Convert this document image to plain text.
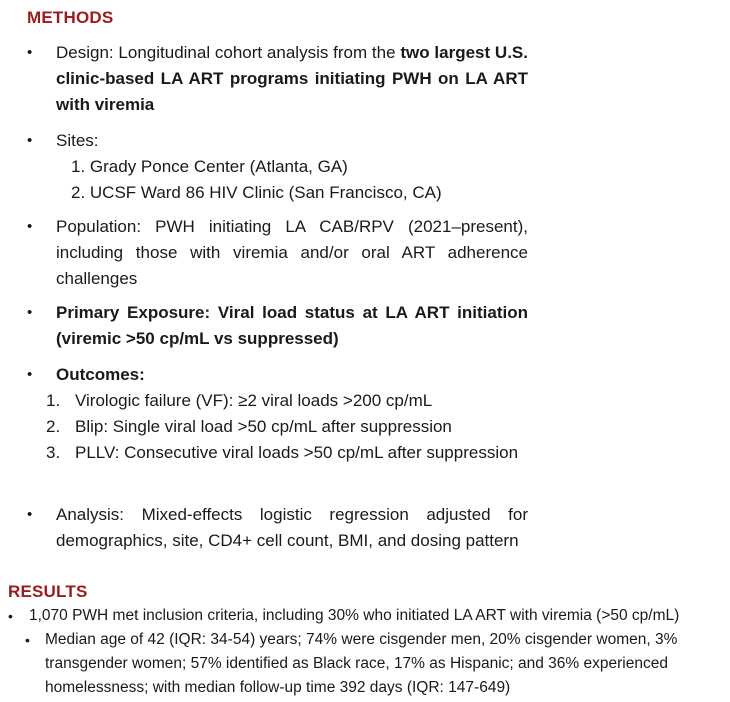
METHODS
• Design: Longitudinal cohort analysis from the two largest U.S. clinic-based LA ART programs initiating PWH on LA ART with viremia
• Sites:
1. Grady Ponce Center (Atlanta, GA)
2. UCSF Ward 86 HIV Clinic (San Francisco, CA)
• Population: PWH initiating LA CAB/RPV (2021–present), including those with viremia and/or oral ART adherence challenges
• Primary Exposure: Viral load status at LA ART initiation (viremic >50 cp/mL vs suppressed)
• Outcomes:
1. Virologic failure (VF): ≥2 viral loads >200 cp/mL
2. Blip: Single viral load >50 cp/mL after suppression
3. PLLV: Consecutive viral loads >50 cp/mL after suppression
• Analysis: Mixed-effects logistic regression adjusted for demographics, site, CD4+ cell count, BMI, and dosing pattern
RESULTS
• 1,070 PWH met inclusion criteria, including 30% who initiated LA ART with viremia (>50 cp/mL)
• Median age of 42 (IQR: 34-54) years; 74% were cisgender men, 20% cisgender women, 3% transgender women; 57% identified as Black race, 17% as Hispanic; and 36% experienced homelessness; with median follow-up time 392 days (IQR: 147-649)
